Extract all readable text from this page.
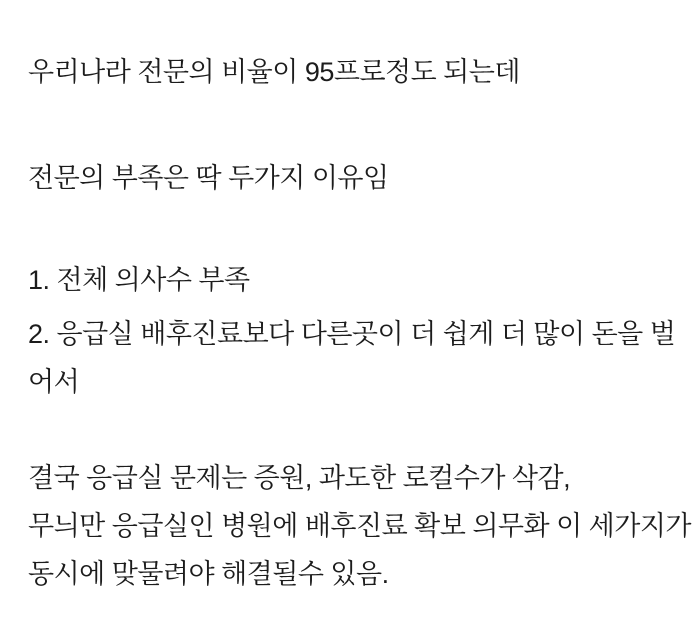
우리나라 전문의 비율이 95프로정도 되는데
전문의 부족은 딱 두가지 이유임
1. 전체 의사수 부족
2. 응급실 배후진료보다 다른곳이 더 쉽게 더 많이 돈을 벌
어서
결국 응급실 문제는 증원, 과도한 로컬수가 삭감,
무늬만 응급실인 병원에 배후진료 확보 의무화 이 세가지가
동시에 맞물려야 해결될수 있음.
